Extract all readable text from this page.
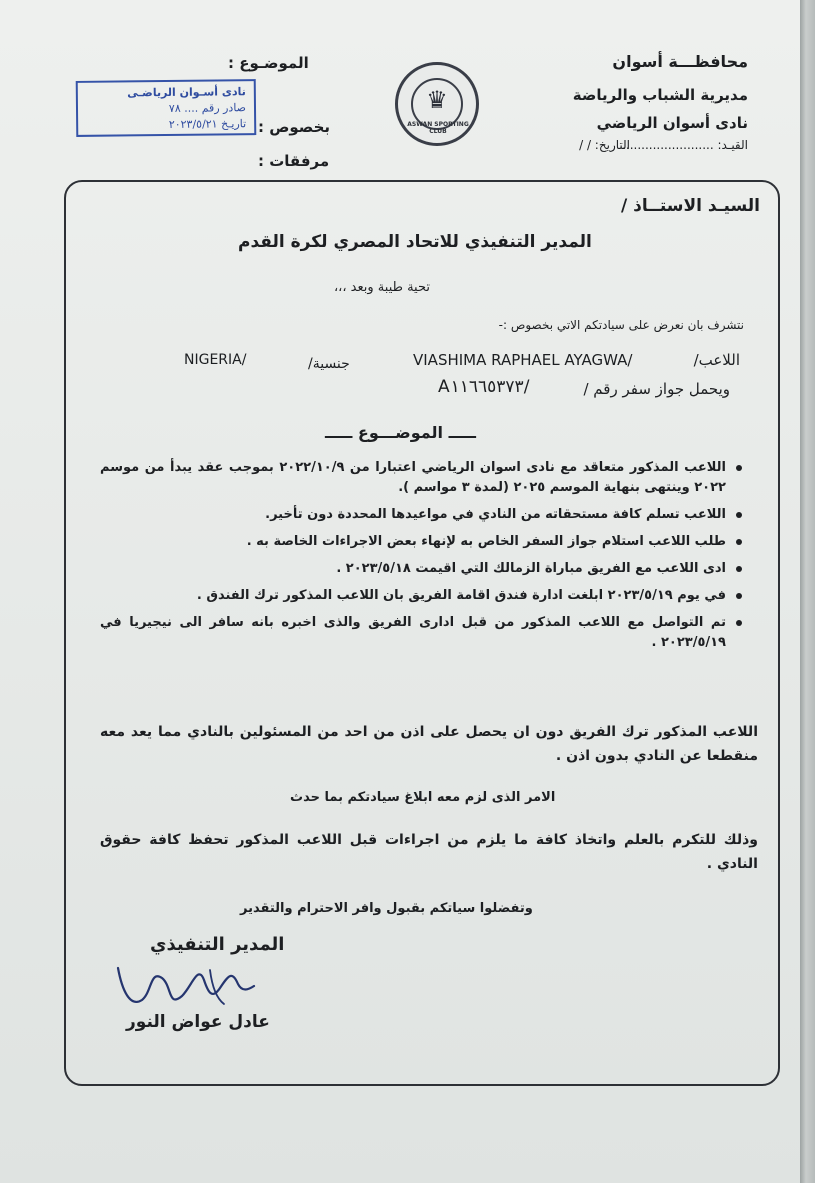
محافظـــة أسوان
مديرية الشباب والرياضة
نادى أسوان الرياضي
القيـد: ........................
التاريخ: / /
الموضـوع :
بخصوص :
مرفقات :
♛
ASWAN SPORTING CLUB
نادى أسـوان الرياضـى
صادر رقم .... ٧٨
تاريـخ ٢٠٢٣/٥/٢١
السيـد الاستــاذ /
المدير التنفيذي للاتحاد المصري لكرة القدم
تحية طيبة وبعد ،،،
نتشرف بان نعرض على سيادتكم الاتي بخصوص :-
اللاعب/
VIASHIMA RAPHAEL AYAGWA/
جنسية/
NIGERIA/
ويحمل جواز سفر رقم /
A١١٦٦٥٣٧٣/
ـــــ الموضـــوع ـــــ
اللاعب المذكور متعاقد مع نادى اسوان الرياضي اعتبارا من ٢٠٢٢/١٠/٩ بموجب عقد يبدأ من موسم ٢٠٢٢ وينتهى بنهاية الموسم ٢٠٢٥ (لمدة ٣ مواسم ).
اللاعب تسلم كافة مستحقاته من النادي في مواعيدها المحددة دون تأخير.
طلب اللاعب استلام جواز السفر الخاص به لإنهاء بعض الاجراءات الخاصة به .
ادى اللاعب مع الفريق مباراة الزمالك التي اقيمت ٢٠٢٣/٥/١٨ .
في يوم ٢٠٢٣/٥/١٩ ابلغت ادارة فندق اقامة الفريق بان اللاعب المذكور ترك الفندق .
تم التواصل مع اللاعب المذكور من قبل ادارى الفريق والذى اخبره بانه سافر الى نيجيريا في ٢٠٢٣/٥/١٩ .
اللاعب المذكور ترك الفريق دون ان يحصل على اذن من احد من المسئولين بالنادي مما يعد معه منقطعا عن النادي بدون اذن .
الامر الذى لزم معه ابلاغ سيادتكم بما حدث
وذلك للتكرم بالعلم واتخاذ كافة ما يلزم من اجراءات قبل اللاعب المذكور تحفظ كافة حقوق النادي .
وتفضلوا سياتكم بقبول وافر الاحترام والتقدير
المدير التنفيذي
عادل عواض النور
